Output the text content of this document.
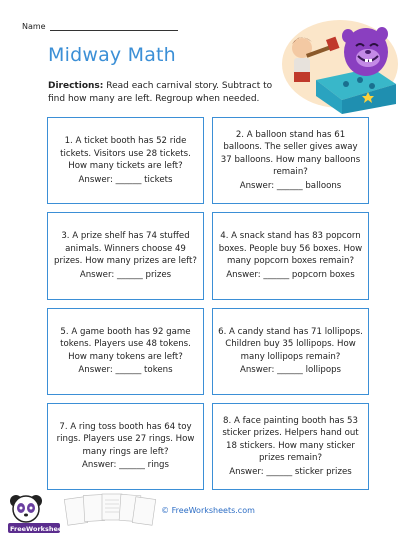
Name
Midway Math
Directions: Read each carnival story. Subtract to find how many are left. Regroup when needed.
1. A ticket booth has 52 ride tickets. Visitors use 28 tickets. How many tickets are left?
Answer: ______ tickets
2. A balloon stand has 61 balloons. The seller gives away 37 balloons. How many balloons remain?
Answer: ______ balloons
3. A prize shelf has 74 stuffed animals. Winners choose 49 prizes. How many prizes are left?
Answer: ______ prizes
4. A snack stand has 83 popcorn boxes. People buy 56 boxes. How many popcorn boxes remain?
Answer: ______ popcorn boxes
5. A game booth has 92 game tokens. Players use 48 tokens. How many tokens are left?
Answer: ______ tokens
6. A candy stand has 71 lollipops. Children buy 35 lollipops. How many lollipops remain?
Answer: ______ lollipops
7. A ring toss booth has 64 toy rings. Players use 27 rings. How many rings are left?
Answer: ______ rings
8. A face painting booth has 53 sticker prizes. Helpers hand out 18 stickers. How many sticker prizes remain?
Answer: ______ sticker prizes
FreeWorksheets
© FreeWorksheets.com
